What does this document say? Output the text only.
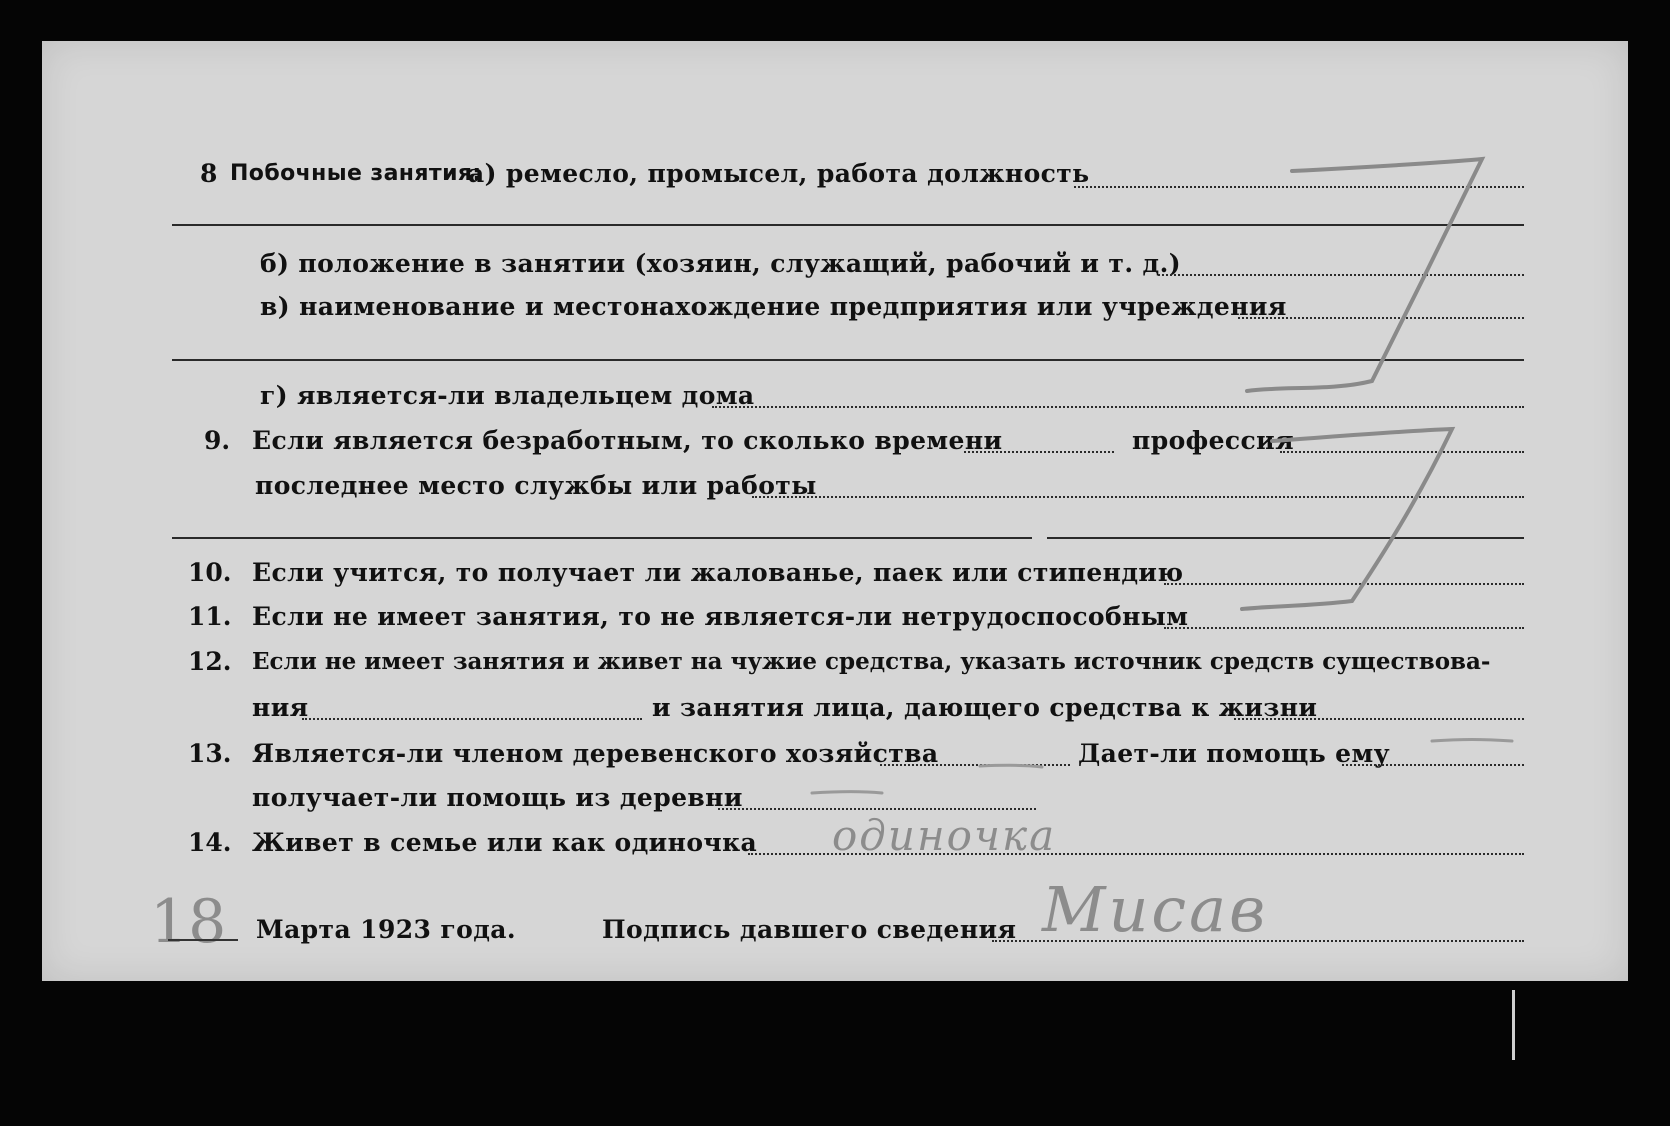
8 Побочные занятия:
а) ремесло, промысел, работа должность
б) положение в занятии (хозяин, служащий, рабочий и т. д.)
в) наименование и местонахождение предприятия или учреждения
г) является-ли владельцем дома
9. Если является безработным, то сколько времени	профессия
последнее место службы или работы
10. Если учится, то получает ли жалованье, паек или стипендию
11. Если не имеет занятия, то не является-ли нетрудоспособным
12. Если не имеет занятия и живет на чужие средства, указать источник средств существова-
ния	и занятия лица, дающего средства к жизни
13. Является-ли членом деревенского хозяйства	Дает-ли помощь ему
получает-ли помощь из деревни
14. Живет в семье или как одиночка одиночка
18 Марта 1923 года.	Подпись давшего сведения Мисав
